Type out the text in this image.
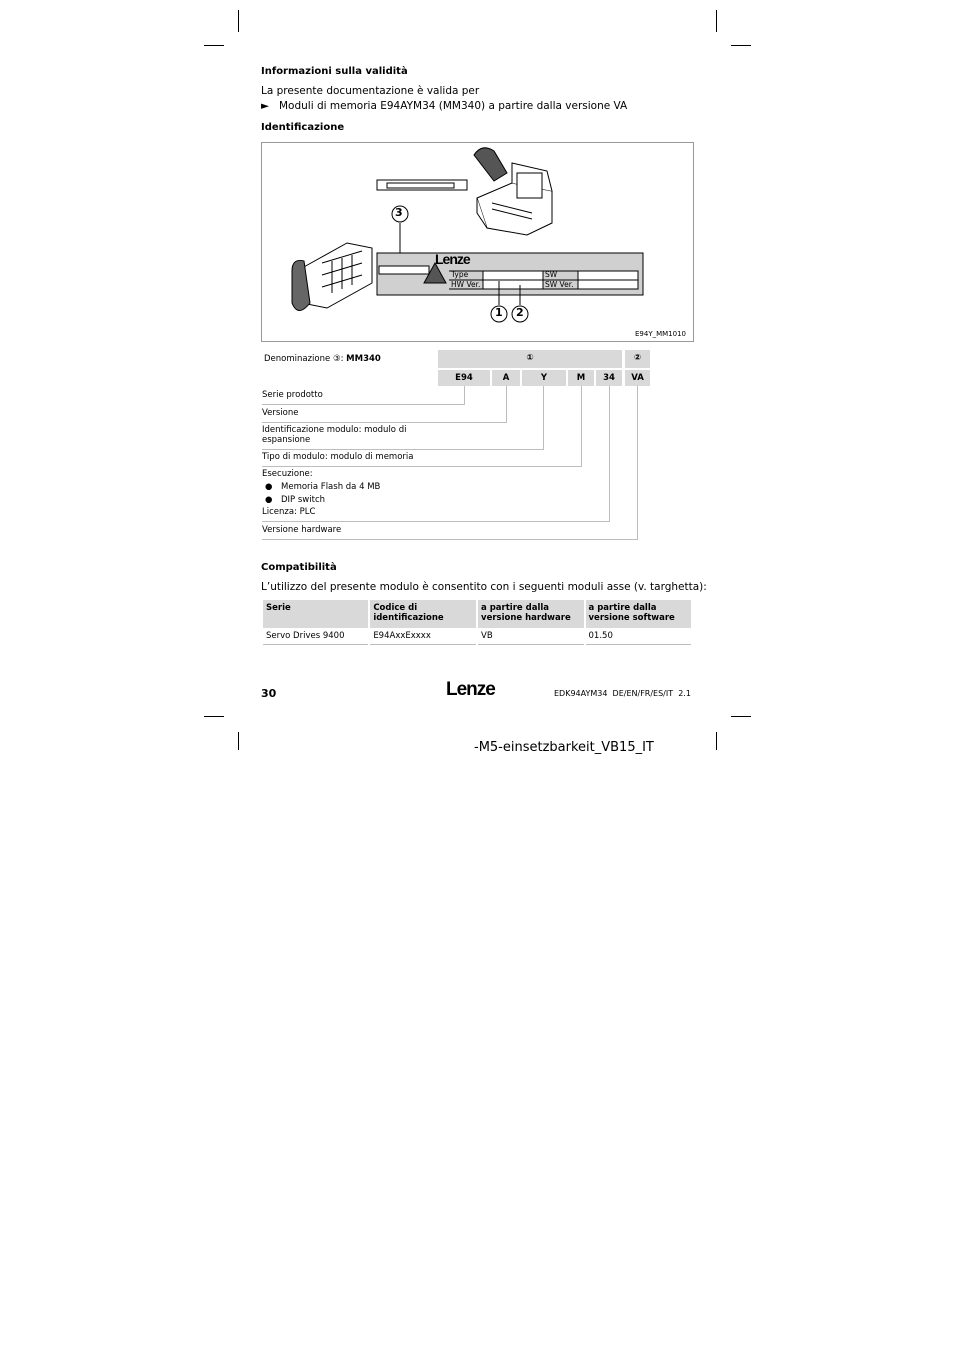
Informazioni sulla validità
La presente documentazione è valida per
► Moduli di memoria E94AYM34 (MM340) a partire dalla versione VA
Identificazione
Lenze
Type
HW Ver.
SW
SW Ver.
3
1 2
E94Y_MM1010
Denominazione ③: MM340	①	②
E94	A	Y	M	34	VA
Serie prodotto
Versione
Identificazione modulo: modulo di espansione
Tipo di modulo: modulo di memoria
Esecuzione:
● Memoria Flash da 4 MB
● DIP switch
Licenza: PLC
Versione hardware
Compatibilità
L’utilizzo del presente modulo è consentito con i seguenti moduli asse (v. targhetta):
Serie	Codice di identificazione	a partire dalla versione hardware	a partire dalla versione software
Servo Drives 9400	E94AxxExxxx	VB	01.50
30	Lenze	EDK94AYM34  DE/EN/FR/ES/IT  2.1
-M5-einsetzbarkeit_VB15_IT
